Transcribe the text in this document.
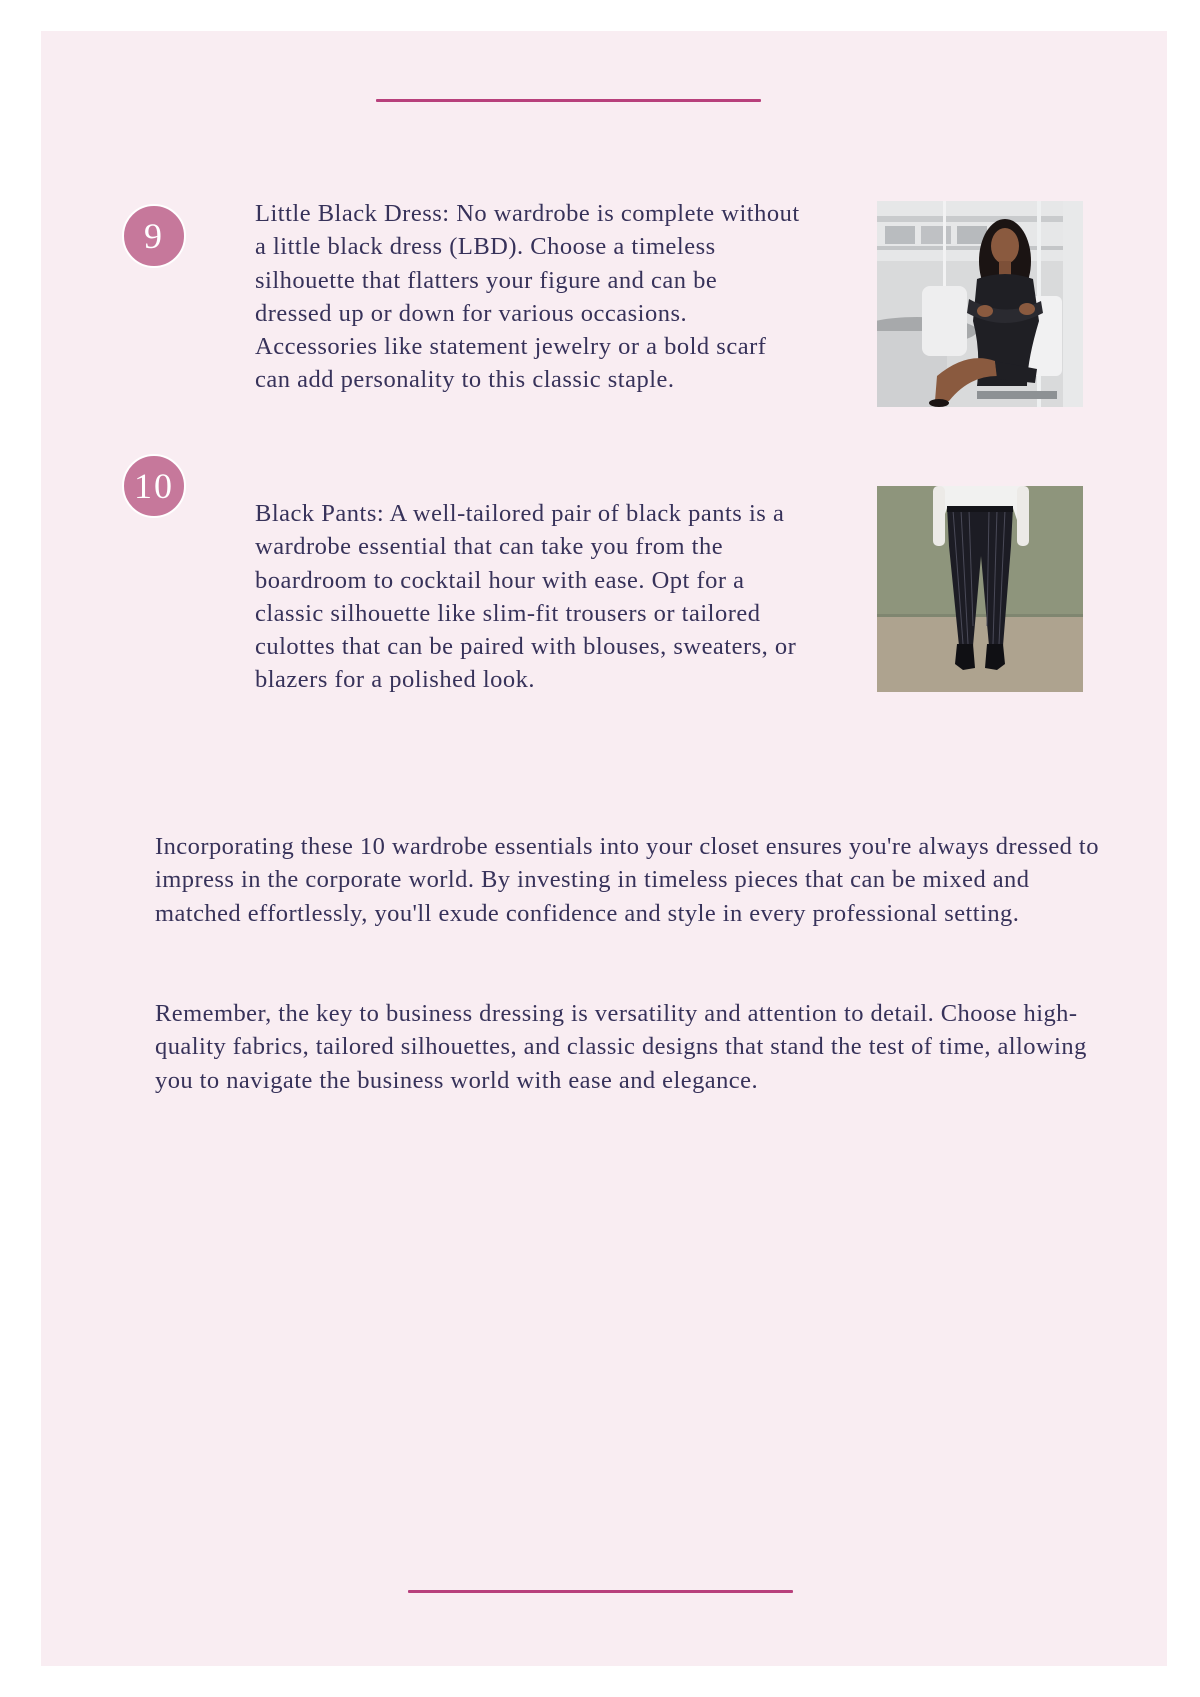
9

Little Black Dress: No wardrobe is complete without a little black dress (LBD). Choose a timeless silhouette that flatters your figure and can be dressed up or down for various occasions. Accessories like statement jewelry or a bold scarf can add personality to this classic staple.

10

Black Pants: A well-tailored pair of black pants is a wardrobe essential that can take you from the boardroom to cocktail hour with ease. Opt for a classic silhouette like slim-fit trousers or tailored culottes that can be paired with blouses, sweaters, or blazers for a polished look.

Incorporating these 10 wardrobe essentials into your closet ensures you're always dressed to impress in the corporate world. By investing in timeless pieces that can be mixed and matched effortlessly, you'll exude confidence and style in every professional setting.

Remember, the key to business dressing is versatility and attention to detail. Choose high-quality fabrics, tailored silhouettes, and classic designs that stand the test of time, allowing you to navigate the business world with ease and elegance.
